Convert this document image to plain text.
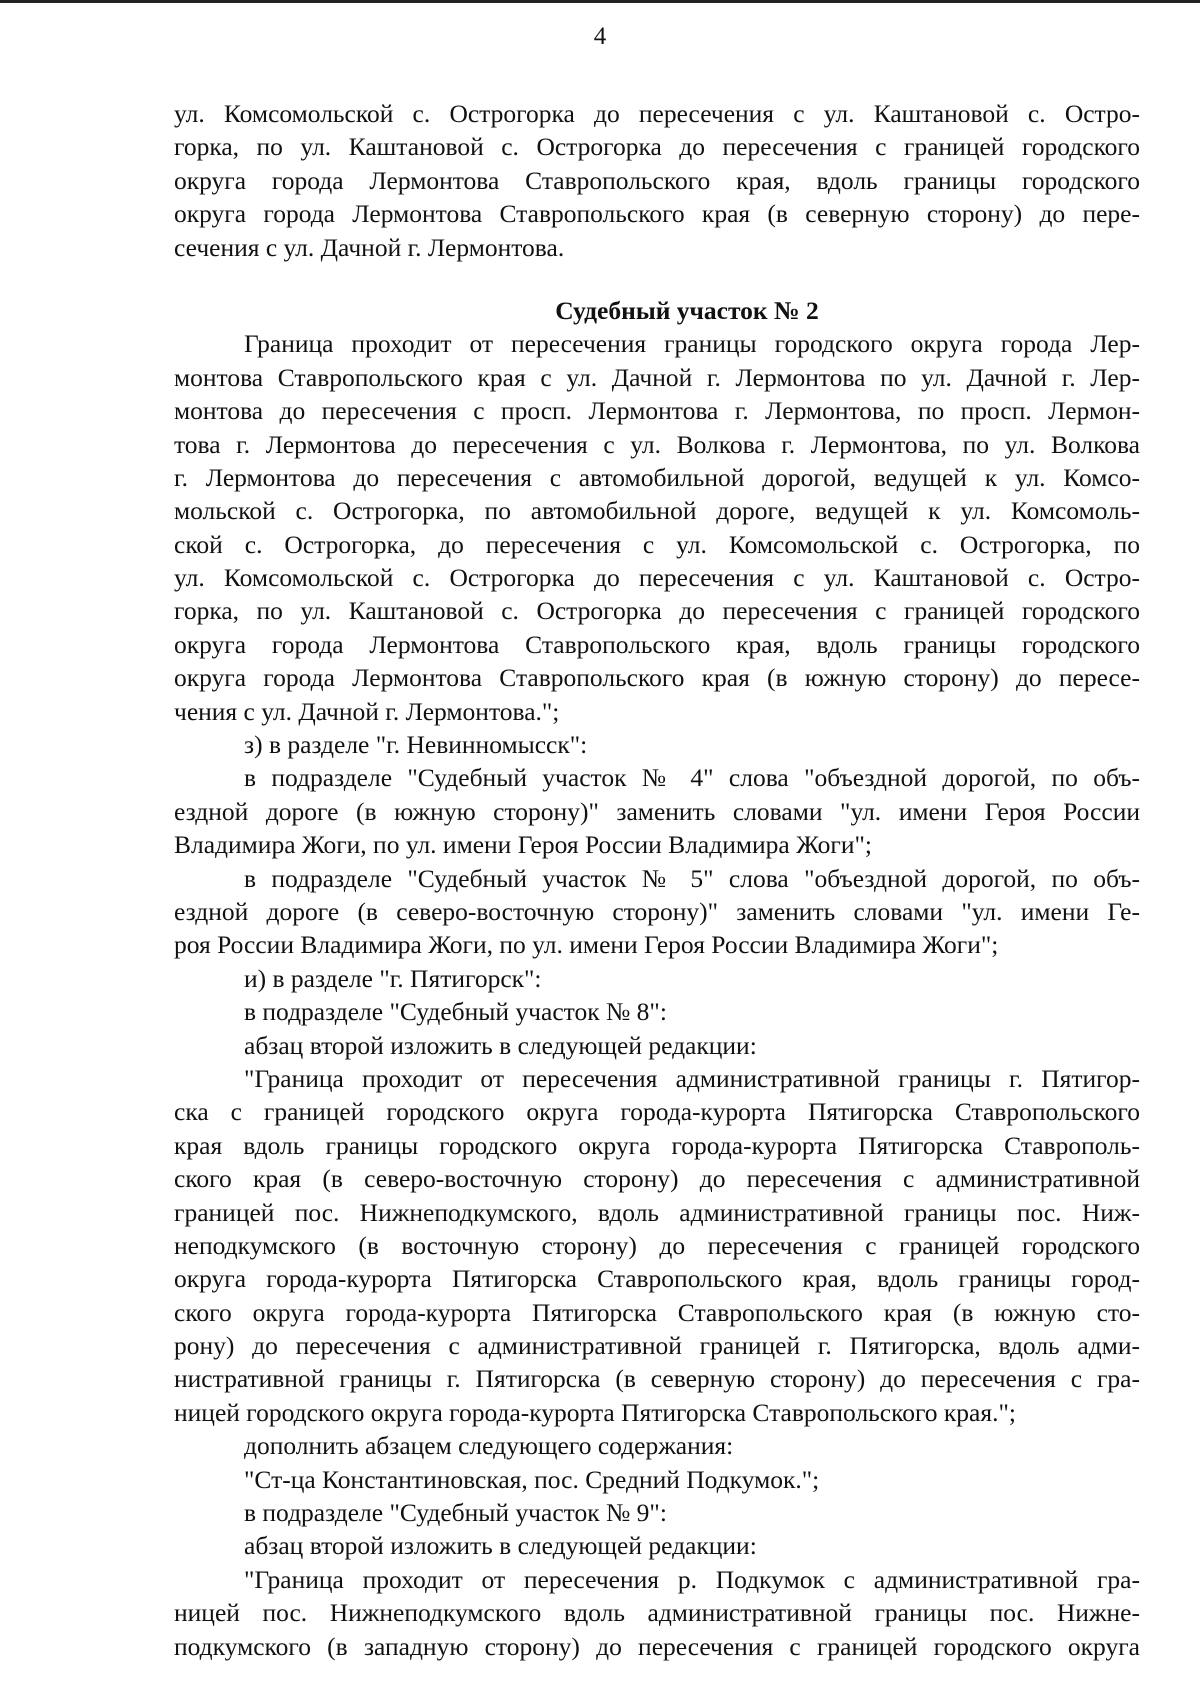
4
ул. Комсомольской с. Острогорка до пересечения с ул. Каштановой с. Остро-
горка, по ул. Каштановой с. Острогорка до пересечения с границей городского
округа города Лермонтова Ставропольского края, вдоль границы городского
округа города Лермонтова Ставропольского края (в северную сторону) до пере-
сечения с ул. Дачной г. Лермонтова.
Судебный участок № 2
Граница проходит от пересечения границы городского округа города Лер-
монтова Ставропольского края с ул. Дачной г. Лермонтова по ул. Дачной г. Лер-
монтова до пересечения с просп. Лермонтова г. Лермонтова, по просп. Лермон-
това г. Лермонтова до пересечения с ул. Волкова г. Лермонтова, по ул. Волкова
г. Лермонтова до пересечения с автомобильной дорогой, ведущей к ул. Комсо-
мольской с. Острогорка, по автомобильной дороге, ведущей к ул. Комсомоль-
ской с. Острогорка, до пересечения с ул. Комсомольской с. Острогорка, по
ул. Комсомольской с. Острогорка до пересечения с ул. Каштановой с. Остро-
горка, по ул. Каштановой с. Острогорка до пересечения с границей городского
округа города Лермонтова Ставропольского края, вдоль границы городского
округа города Лермонтова Ставропольского края (в южную сторону) до пересе-
чения с ул. Дачной г. Лермонтова.";
з) в разделе "г. Невинномысск":
в подразделе "Судебный участок № 4" слова "объездной дорогой, по объ-
ездной дороге (в южную сторону)" заменить словами "ул. имени Героя России
Владимира Жоги, по ул. имени Героя России Владимира Жоги";
в подразделе "Судебный участок № 5" слова "объездной дорогой, по объ-
ездной дороге (в северо-восточную сторону)" заменить словами "ул. имени Ге-
роя России Владимира Жоги, по ул. имени Героя России Владимира Жоги";
и) в разделе "г. Пятигорск":
в подразделе "Судебный участок № 8":
абзац второй изложить в следующей редакции:
"Граница проходит от пересечения административной границы г. Пятигор-
ска с границей городского округа города-курорта Пятигорска Ставропольского
края вдоль границы городского округа города-курорта Пятигорска Ставрополь-
ского края (в северо-восточную сторону) до пересечения с административной
границей пос. Нижнеподкумского, вдоль административной границы пос. Ниж-
неподкумского (в восточную сторону) до пересечения с границей городского
округа города-курорта Пятигорска Ставропольского края, вдоль границы город-
ского округа города-курорта Пятигорска Ставропольского края (в южную сто-
рону) до пересечения с административной границей г. Пятигорска, вдоль адми-
нистративной границы г. Пятигорска (в северную сторону) до пересечения с гра-
ницей городского округа города-курорта Пятигорска Ставропольского края.";
дополнить абзацем следующего содержания:
"Ст-ца Константиновская, пос. Средний Подкумок.";
в подразделе "Судебный участок № 9":
абзац второй изложить в следующей редакции:
"Граница проходит от пересечения р. Подкумок с административной гра-
ницей пос. Нижнеподкумского вдоль административной границы пос. Нижне-
подкумского (в западную сторону) до пересечения с границей городского округа
